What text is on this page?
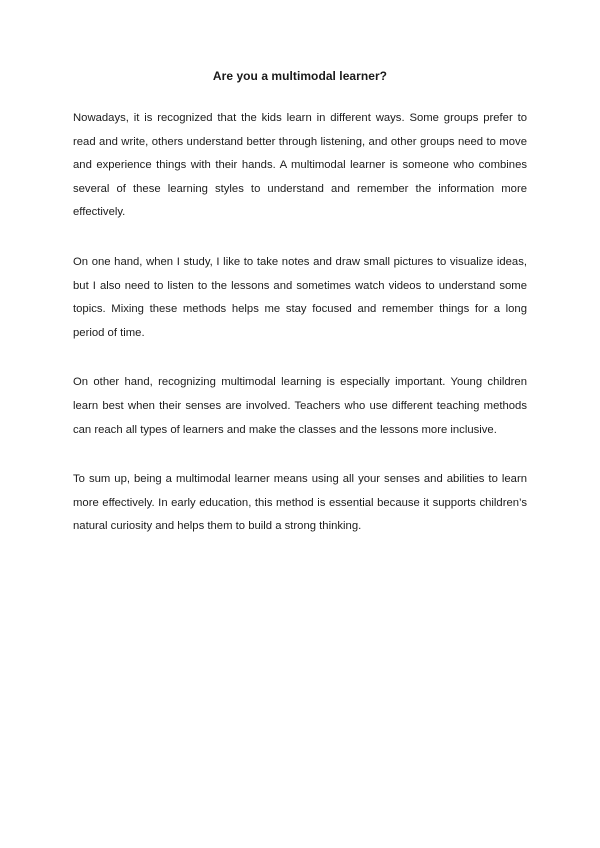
Are you a multimodal learner?

Nowadays, it is recognized that the kids learn in different ways. Some groups prefer to read and write, others understand better through listening, and other groups need to move and experience things with their hands. A multimodal learner is someone who combines several of these learning styles to understand and remember the information more effectively.

On one hand, when I study, I like to take notes and draw small pictures to visualize ideas, but I also need to listen to the lessons and sometimes watch videos to understand some topics. Mixing these methods helps me stay focused and remember things for a long period of time.

On other hand, recognizing multimodal learning is especially important. Young children learn best when their senses are involved. Teachers who use different teaching methods can reach all types of learners and make the classes and the lessons more inclusive.

To sum up, being a multimodal learner means using all your senses and abilities to learn more effectively. In early education, this method is essential because it supports children’s natural curiosity and helps them to build a strong thinking.
